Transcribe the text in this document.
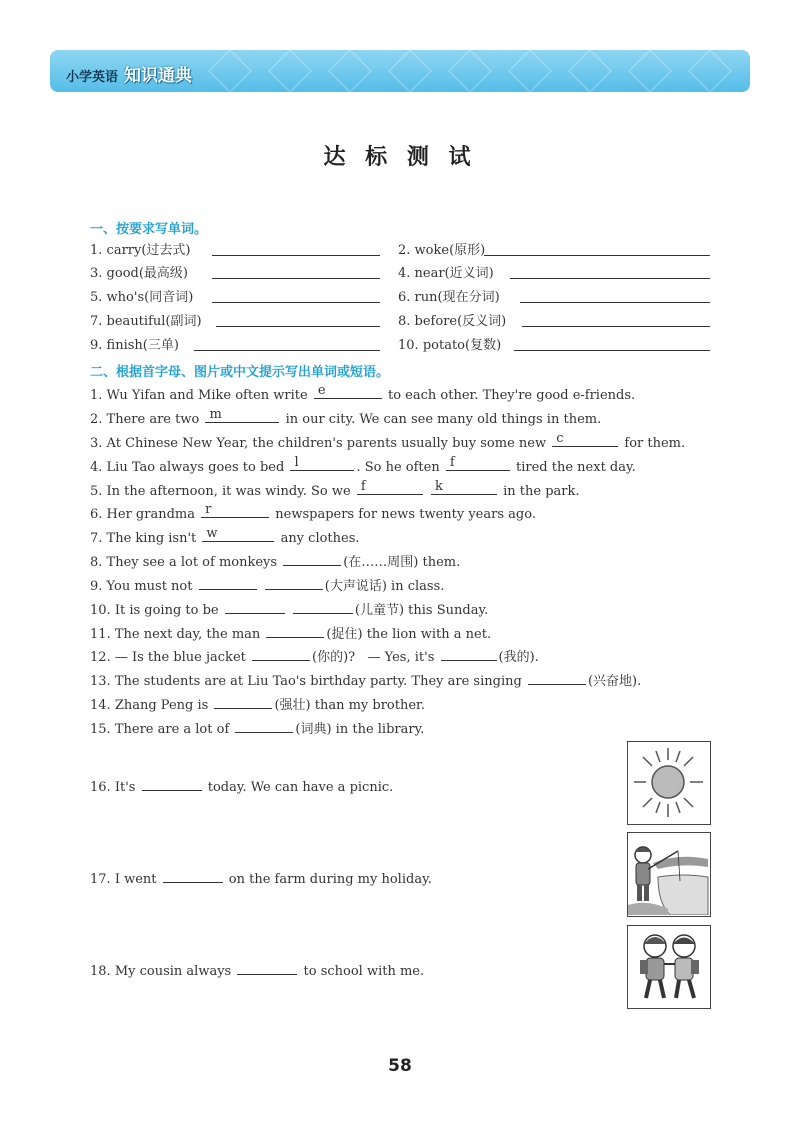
小学英语 知识通典
达 标 测 试
一、按要求写单词。
1. carry(过去式)	2. woke(原形)
3. good(最高级)	4. near(近义词)
5. who's(同音词)	6. run(现在分词)
7. beautiful(副词)	8. before(反义词)
9. finish(三单)	10. potato(复数)
二、根据首字母、图片或中文提示写出单词或短语。
1. Wu Yifan and Mike often write e	to each other. They're good e-friends.
2. There are two m	in our city. We can see many old things in them.
3. At Chinese New Year, the children's parents usually buy some new c	for them.
4. Liu Tao always goes to bed l	. So he often f	tired the next day.
5. In the afternoon, it was windy. So we f
	k	in the park.
6. Her grandma r	newspapers for news twenty years ago.
7. The king isn't w	any clothes.
8. They see a lot of monkeys	(在……周围) them.
9. You must not	(大声说话) in class.
10. It is going to be	(儿童节) this Sunday.
11. The next day, the man	(捉住) the lion with a net.
12. — Is the blue jacket	(你的)? — Yes, it's	(我的).
13. The students are at Liu Tao's birthday party. They are singing	(兴奋地).
14. Zhang Peng is	(强壮) than my brother.
15. There are a lot of	(词典) in the library.
16. It's	today. We can have a picnic.
17. I went	on the farm during my holiday.
18. My cousin always	to school with me.
58
